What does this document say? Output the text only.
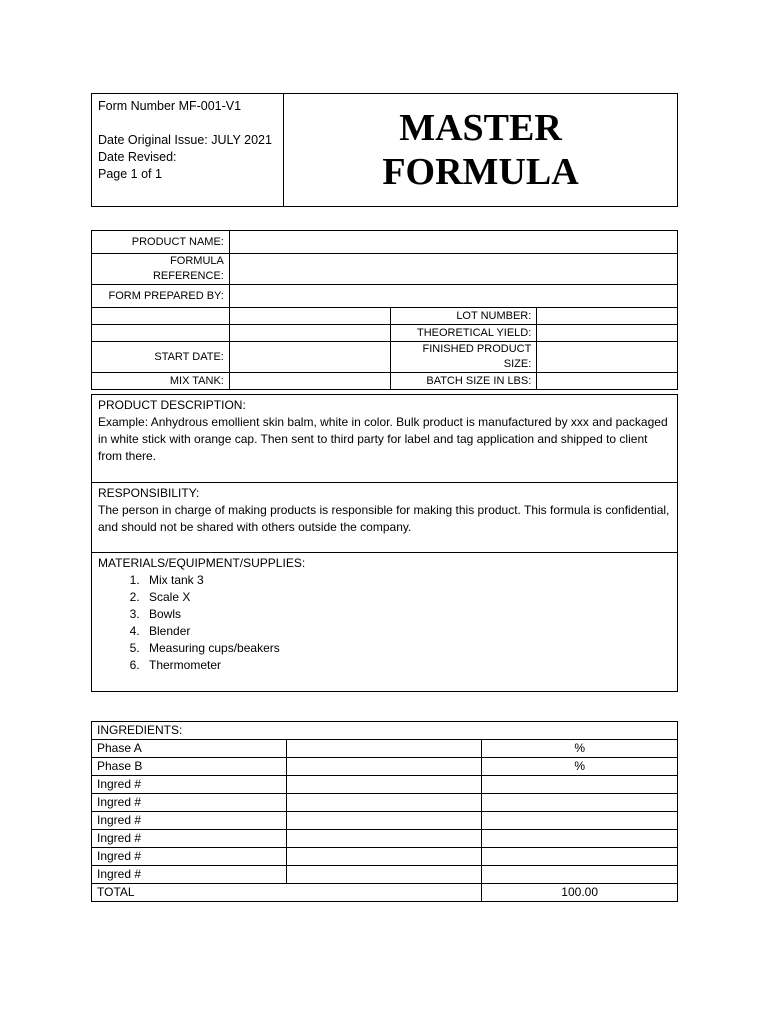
Form Number MF-001-V1
Date Original Issue: JULY 2021
Date Revised:
Page 1 of 1
MASTER
FORMULA
PRODUCT NAME:			
FORMULA REFERENCE:			
FORM PREPARED BY:			
		LOT NUMBER:	
		THEORETICAL YIELD:	
START DATE:		FINISHED PRODUCT SIZE:	
MIX TANK:		BATCH SIZE IN LBS:	
PRODUCT DESCRIPTION:
Example: Anhydrous emollient skin balm, white in color. Bulk product is manufactured by xxx and packaged in white stick with orange cap. Then sent to third party for label and tag application and shipped to client from there.
RESPONSIBILITY:
The person in charge of making products is responsible for making this product. This formula is confidential, and should not be shared with others outside the company.
MATERIALS/EQUIPMENT/SUPPLIES:
1. Mix tank 3
2. Scale X
3. Bowls
4. Blender
5. Measuring cups/beakers
6. Thermometer
INGREDIENTS:		
Phase A		%
Phase B		%
Ingred #		
Ingred #		
Ingred #		
Ingred #		
Ingred #		
Ingred #		
TOTAL		100.00
